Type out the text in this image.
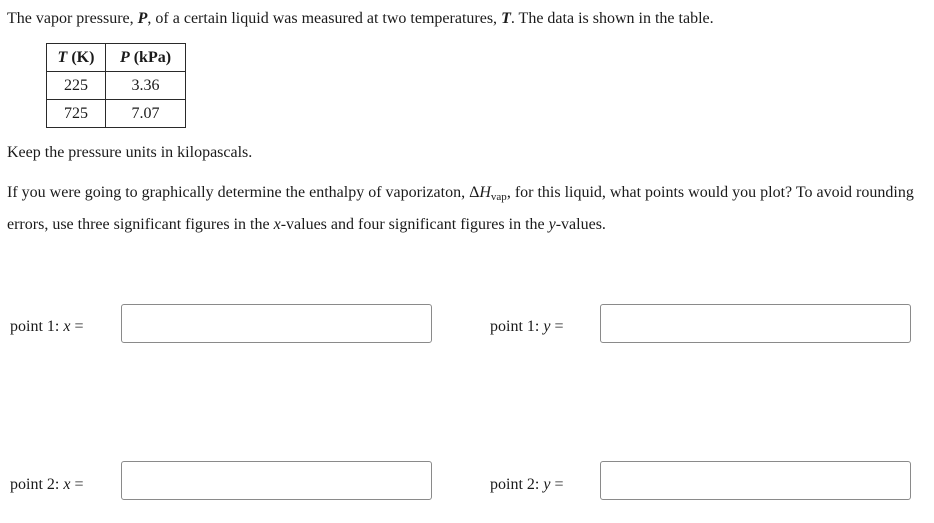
The vapor pressure, P, of a certain liquid was measured at two temperatures, T. The data is shown in the table.

T (K)	P (kPa)
225	3.36
725	7.07

Keep the pressure units in kilopascals.

If you were going to graphically determine the enthalpy of vaporizaton, $\Delta H_{vap}$, for this liquid, what points would you plot? To avoid rounding errors, use three significant figures in the x-values and four significant figures in the y-values.

point 1: x =	point 1: y =
point 2: x =	point 2: y =
